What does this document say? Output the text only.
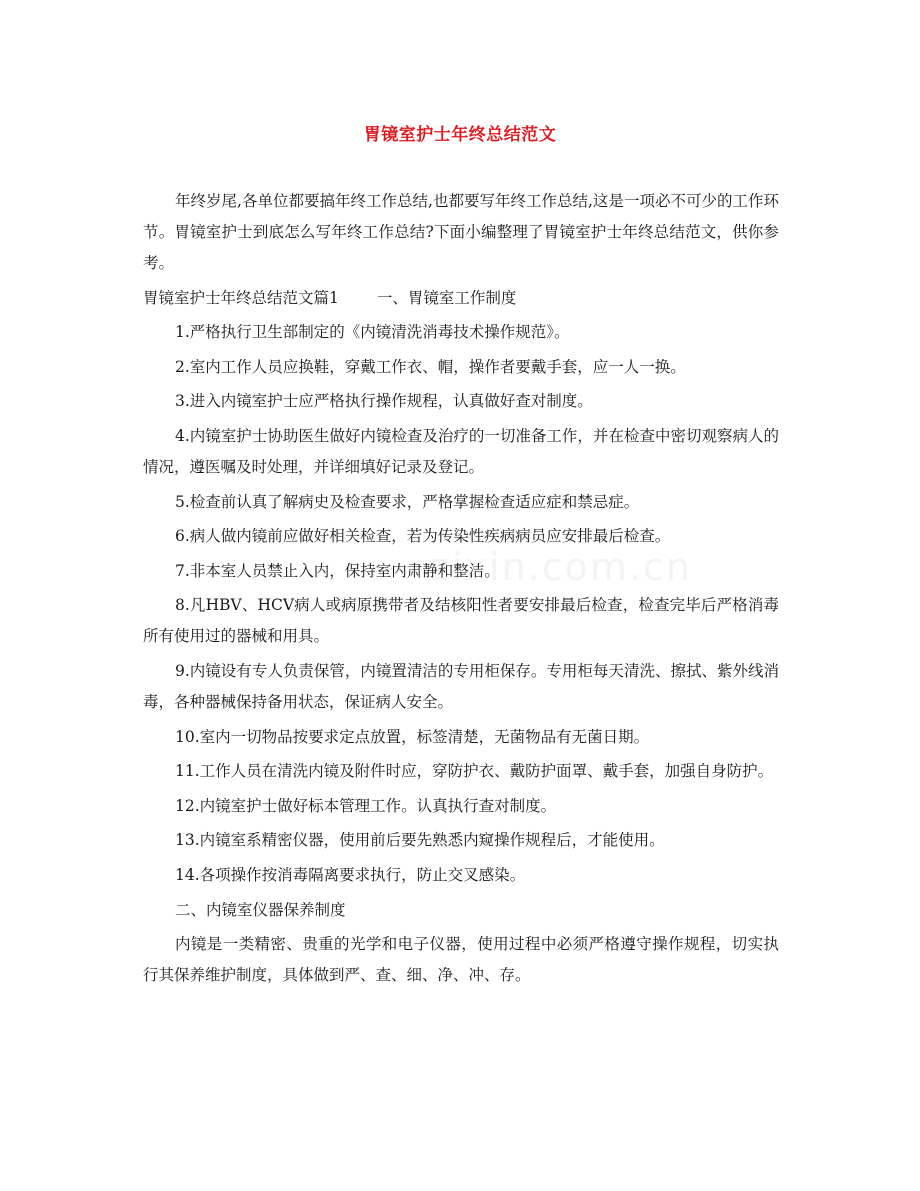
胃镜室护士年终总结范文
zixin.com.cn

年终岁尾,各单位都要搞年终工作总结,也都要写年终工作总结,这是一项必不可少的工作环节。胃镜室护士到底怎么写年终工作总结?下面小编整理了胃镜室护士年终总结范文，供你参考。

胃镜室护士年终总结范文篇1 一、胃镜室工作制度

1.严格执行卫生部制定的《内镜清洗消毒技术操作规范》。

2.室内工作人员应换鞋，穿戴工作衣、帽，操作者要戴手套，应一人一换。

3.进入内镜室护士应严格执行操作规程，认真做好查对制度。

4.内镜室护士协助医生做好内镜检查及治疗的一切准备工作，并在检查中密切观察病人的情况，遵医嘱及时处理，并详细填好记录及登记。

5.检查前认真了解病史及检查要求，严格掌握检查适应症和禁忌症。

6.病人做内镜前应做好相关检查，若为传染性疾病病员应安排最后检查。

7.非本室人员禁止入内，保持室内肃静和整洁。

8.凡HBV、HCV病人或病原携带者及结核阳性者要安排最后检查，检查完毕后严格消毒所有使用过的器械和用具。

9.内镜设有专人负责保管，内镜置清洁的专用柜保存。专用柜每天清洗、擦拭、紫外线消毒，各种器械保持备用状态，保证病人安全。

10.室内一切物品按要求定点放置，标签清楚，无菌物品有无菌日期。

11.工作人员在清洗内镜及附件时应，穿防护衣、戴防护面罩、戴手套，加强自身防护。

12.内镜室护士做好标本管理工作。认真执行查对制度。

13.内镜室系精密仪器，使用前后要先熟悉内窥操作规程后，才能使用。

14.各项操作按消毒隔离要求执行，防止交叉感染。

二、内镜室仪器保养制度

内镜是一类精密、贵重的光学和电子仪器，使用过程中必须严格遵守操作规程，切实执行其保养维护制度，具体做到严、查、细、净、冲、存。
